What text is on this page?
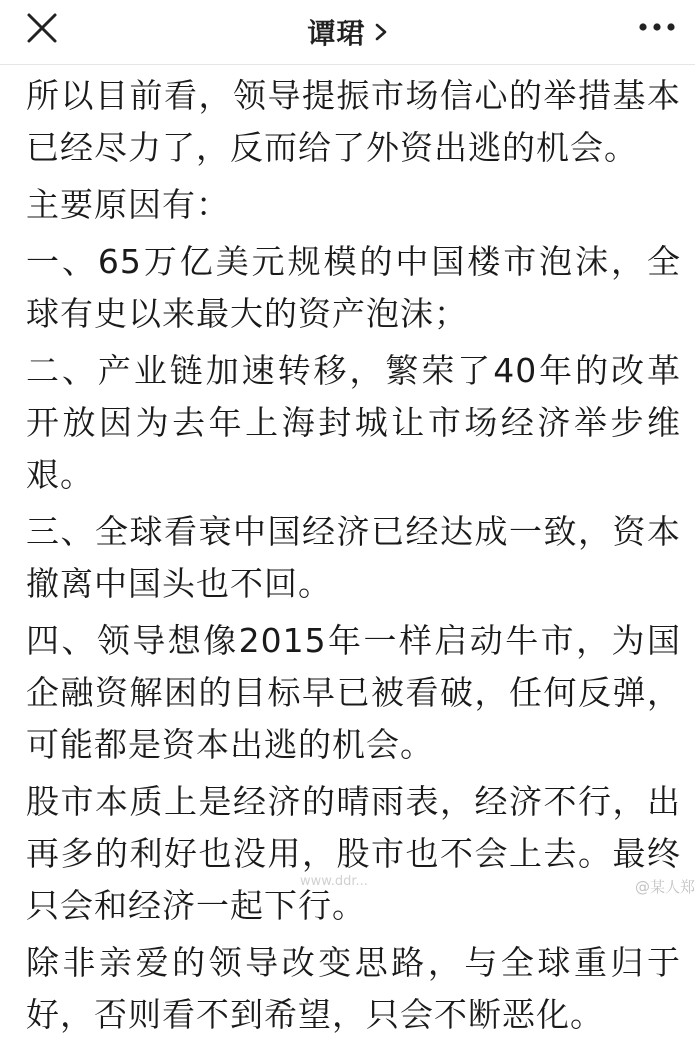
谭珺

所以目前看，领导提振市场信心的举措基本已经尽力了，反而给了外资出逃的机会。

主要原因有：

一、65万亿美元规模的中国楼市泡沫，全球有史以来最大的资产泡沫；

二、产业链加速转移，繁荣了40年的改革开放因为去年上海封城让市场经济举步维艰。

三、全球看衰中国经济已经达成一致，资本撤离中国头也不回。

四、领导想像2015年一样启动牛市，为国企融资解困的目标早已被看破，任何反弹，可能都是资本出逃的机会。

股市本质上是经济的晴雨表，经济不行，出再多的利好也没用，股市也不会上去。最终只会和经济一起下行。

除非亲爱的领导改变思路，与全球重归于好，否则看不到希望，只会不断恶化。

www.ddr...	@某人郑
